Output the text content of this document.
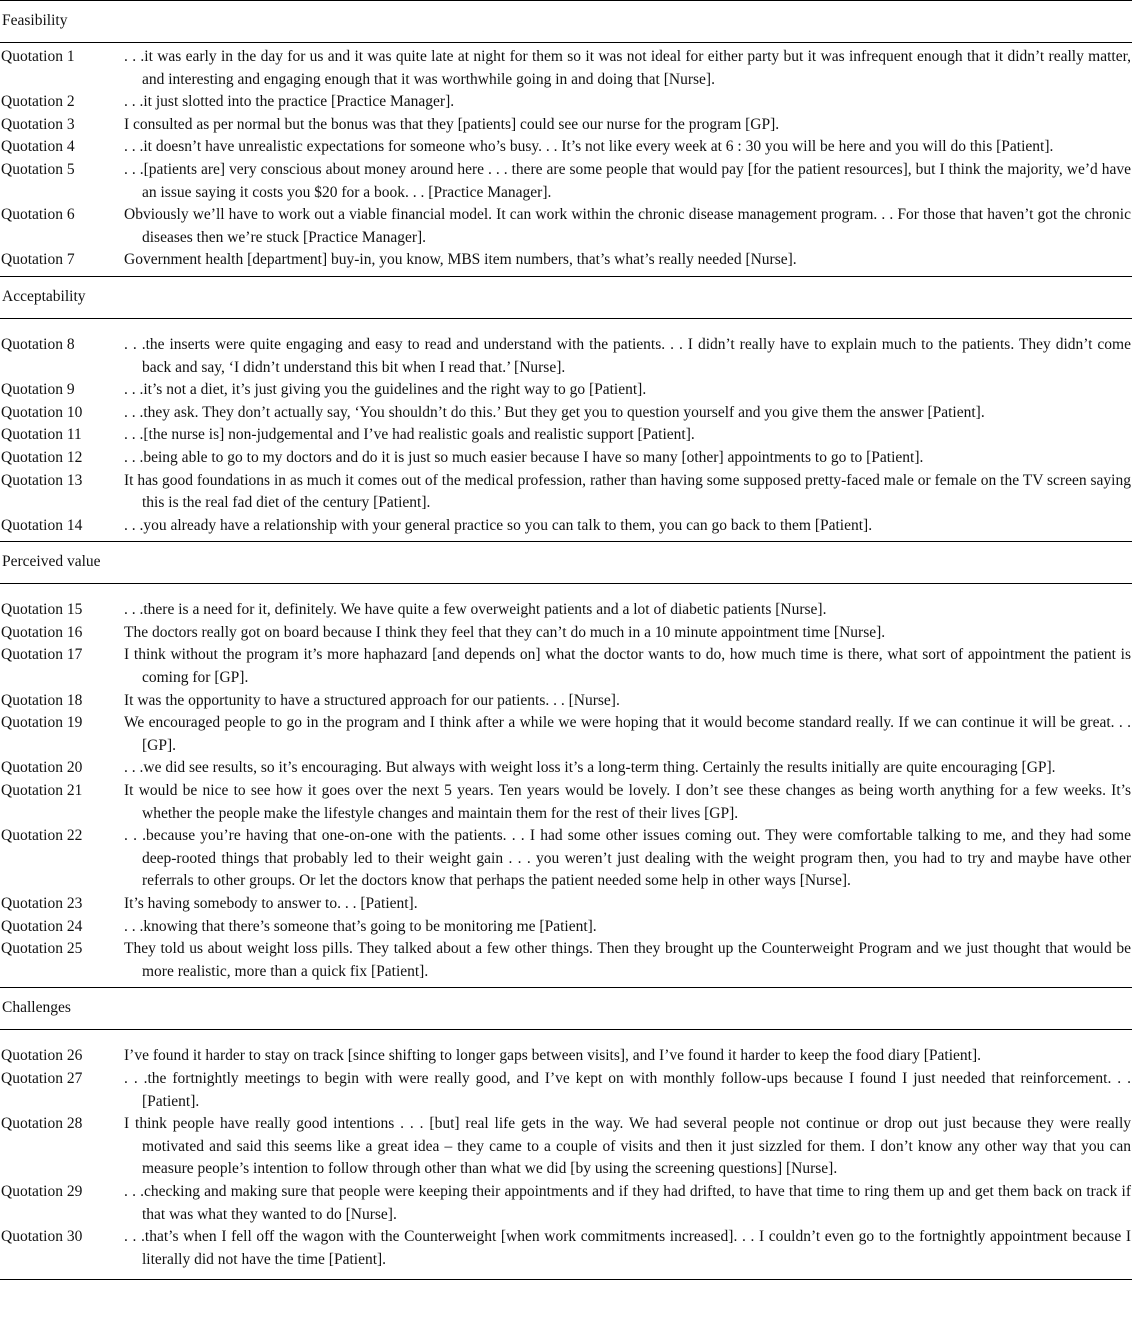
Feasibility
Quotation 1	. . .it was early in the day for us and it was quite late at night for them so it was not ideal for either party but it was infrequent enough that it didn’t really matter, and interesting and engaging enough that it was worthwhile going in and doing that [Nurse].
Quotation 2	. . .it just slotted into the practice [Practice Manager].
Quotation 3	I consulted as per normal but the bonus was that they [patients] could see our nurse for the program [GP].
Quotation 4	. . .it doesn’t have unrealistic expectations for someone who’s busy. . . It’s not like every week at 6 : 30 you will be here and you will do this [Patient].
Quotation 5	. . .[patients are] very conscious about money around here . . . there are some people that would pay [for the patient resources], but I think the majority, we’d have an issue saying it costs you $20 for a book. . . [Practice Manager].
Quotation 6	Obviously we’ll have to work out a viable financial model. It can work within the chronic disease management program. . . For those that haven’t got the chronic diseases then we’re stuck [Practice Manager].
Quotation 7	Government health [department] buy-in, you know, MBS item numbers, that’s what’s really needed [Nurse].
Acceptability
Quotation 8	. . .the inserts were quite engaging and easy to read and understand with the patients. . . I didn’t really have to explain much to the patients. They didn’t come back and say, ‘I didn’t understand this bit when I read that.’ [Nurse].
Quotation 9	. . .it’s not a diet, it’s just giving you the guidelines and the right way to go [Patient].
Quotation 10	. . .they ask. They don’t actually say, ‘You shouldn’t do this.’ But they get you to question yourself and you give them the answer [Patient].
Quotation 11	. . .[the nurse is] non-judgemental and I’ve had realistic goals and realistic support [Patient].
Quotation 12	. . .being able to go to my doctors and do it is just so much easier because I have so many [other] appointments to go to [Patient].
Quotation 13	It has good foundations in as much it comes out of the medical profession, rather than having some supposed pretty-faced male or female on the TV screen saying this is the real fad diet of the century [Patient].
Quotation 14	. . .you already have a relationship with your general practice so you can talk to them, you can go back to them [Patient].
Perceived value
Quotation 15	. . .there is a need for it, definitely. We have quite a few overweight patients and a lot of diabetic patients [Nurse].
Quotation 16	The doctors really got on board because I think they feel that they can’t do much in a 10 minute appointment time [Nurse].
Quotation 17	I think without the program it’s more haphazard [and depends on] what the doctor wants to do, how much time is there, what sort of appointment the patient is coming for [GP].
Quotation 18	It was the opportunity to have a structured approach for our patients. . . [Nurse].
Quotation 19	We encouraged people to go in the program and I think after a while we were hoping that it would become standard really. If we can continue it will be great. . . [GP].
Quotation 20	. . .we did see results, so it’s encouraging. But always with weight loss it’s a long-term thing. Certainly the results initially are quite encouraging [GP].
Quotation 21	It would be nice to see how it goes over the next 5 years. Ten years would be lovely. I don’t see these changes as being worth anything for a few weeks. It’s whether the people make the lifestyle changes and maintain them for the rest of their lives [GP].
Quotation 22	. . .because you’re having that one-on-one with the patients. . . I had some other issues coming out. They were comfortable talking to me, and they had some deep-rooted things that probably led to their weight gain . . . you weren’t just dealing with the weight program then, you had to try and maybe have other referrals to other groups. Or let the doctors know that perhaps the patient needed some help in other ways [Nurse].
Quotation 23	It’s having somebody to answer to. . . [Patient].
Quotation 24	. . .knowing that there’s someone that’s going to be monitoring me [Patient].
Quotation 25	They told us about weight loss pills. They talked about a few other things. Then they brought up the Counterweight Program and we just thought that would be more realistic, more than a quick fix [Patient].
Challenges
Quotation 26	I’ve found it harder to stay on track [since shifting to longer gaps between visits], and I’ve found it harder to keep the food diary [Patient].
Quotation 27	. . .the fortnightly meetings to begin with were really good, and I’ve kept on with monthly follow-ups because I found I just needed that reinforcement. . . [Patient].
Quotation 28	I think people have really good intentions . . . [but] real life gets in the way. We had several people not continue or drop out just because they were really motivated and said this seems like a great idea – they came to a couple of visits and then it just sizzled for them. I don’t know any other way that you can measure people’s intention to follow through other than what we did [by using the screening questions] [Nurse].
Quotation 29	. . .checking and making sure that people were keeping their appointments and if they had drifted, to have that time to ring them up and get them back on track if that was what they wanted to do [Nurse].
Quotation 30	. . .that’s when I fell off the wagon with the Counterweight [when work commitments increased]. . . I couldn’t even go to the fortnightly appointment because I literally did not have the time [Patient].
